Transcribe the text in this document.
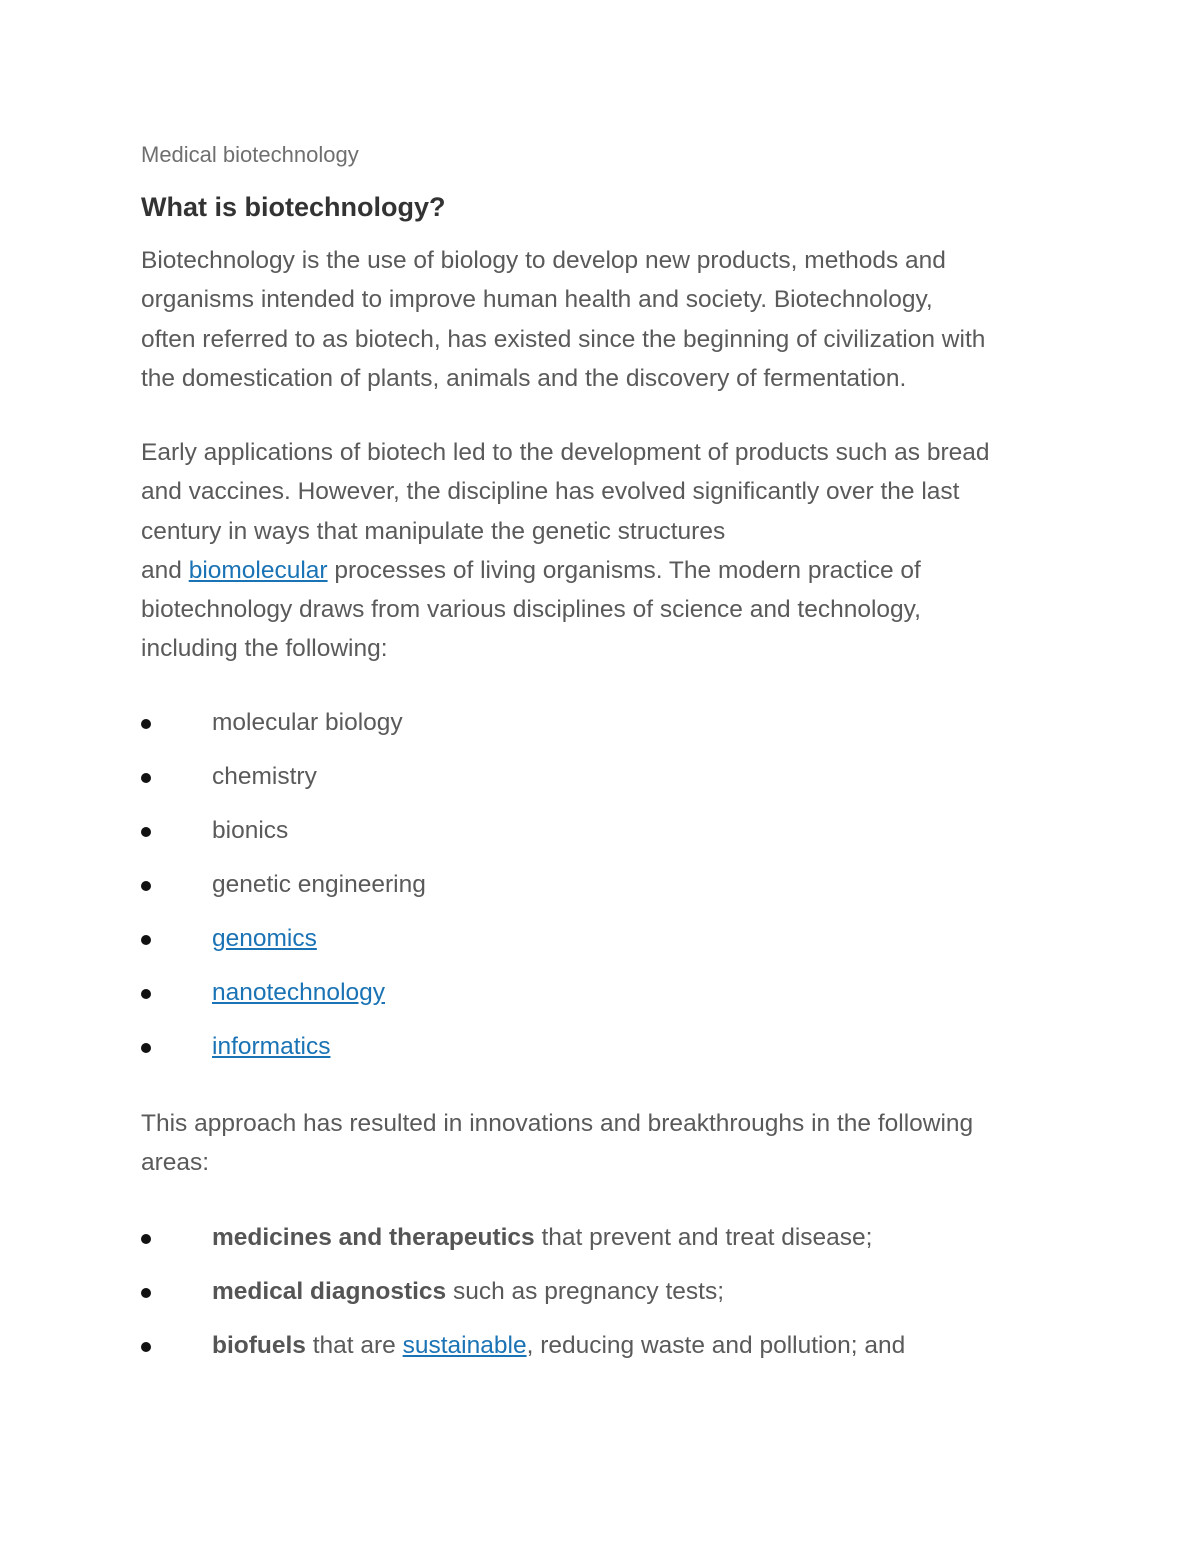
Medical biotechnology
What is biotechnology?

Biotechnology is the use of biology to develop new products, methods and
organisms intended to improve human health and society. Biotechnology,
often referred to as biotech, has existed since the beginning of civilization with
the domestication of plants, animals and the discovery of fermentation.

Early applications of biotech led to the development of products such as bread
and vaccines. However, the discipline has evolved significantly over the last
century in ways that manipulate the genetic structures
and biomolecular processes of living organisms. The modern practice of
biotechnology draws from various disciplines of science and technology,
including the following:

molecular biology
chemistry
bionics
genetic engineering
genomics
nanotechnology
informatics

This approach has resulted in innovations and breakthroughs in the following
areas:

medicines and therapeutics that prevent and treat disease;
medical diagnostics such as pregnancy tests;
biofuels that are sustainable, reducing waste and pollution; and
